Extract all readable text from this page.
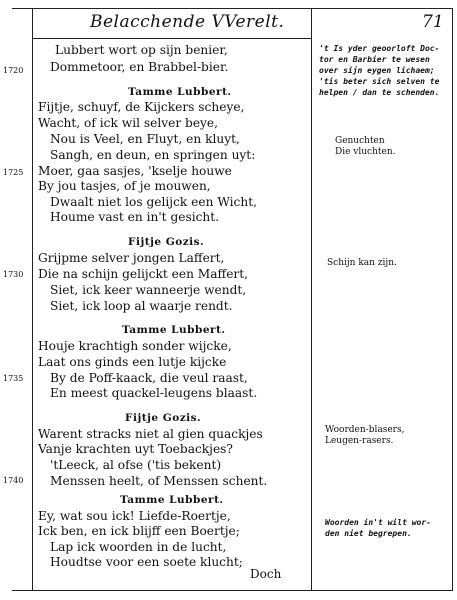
Belacchende VVerelt.	71
Lubbert wort op sijn benier,
Dommetoor, en Brabbel-bier.
1720
Tamme Lubbert.
Fijtje, schuyf, de Kijckers scheye,
Wacht, of ick wil selver beye,
Nou is Veel, en Fluyt, en kluyt,
Sangh, en deun, en springen uyt:
Moer, gaa sasjes, 'kselje houwe
1725
By jou tasjes, of je mouwen,
Dwaalt niet los gelijck een Wicht,
Houme vast en in't gesicht.
Fijtje Gozis.
Grijpme selver jongen Laffert,
Die na schijn gelijckt een Maffert,
1730
Siet, ick keer wanneerje wendt,
Siet, ick loop al waarje rendt.
Tamme Lubbert.
Houje krachtigh sonder wijcke,
Laat ons ginds een lutje kijcke
By de Poff-kaack, die veul raast,
1735
En meest quackel-leugens blaast.
Fijtje Gozis.
Warent stracks niet al gien quackjes
Vanje krachten uyt Toebackjes?
'tLeeck, al ofse ('tis bekent)
Menssen heelt, of Menssen schent.
1740
Tamme Lubbert.
Ey, wat sou ick! Liefde-Roertje,
Ick ben, en ick blijff een Boertje;
Lap ick woorden in de lucht,
Houdtse voor een soete klucht;
Doch
't Is yder geoorloft Doc-
tor en Barbier te wesen
over sijn eygen lichaem;
'tis beter sich selven te
helpen / dan te schenden.
Genuchten
Die vluchten.
Schijn kan zijn.
Woorden-blasers,
Leugen-rasers.
Woorden in't wilt wor-
den niet begrepen.
